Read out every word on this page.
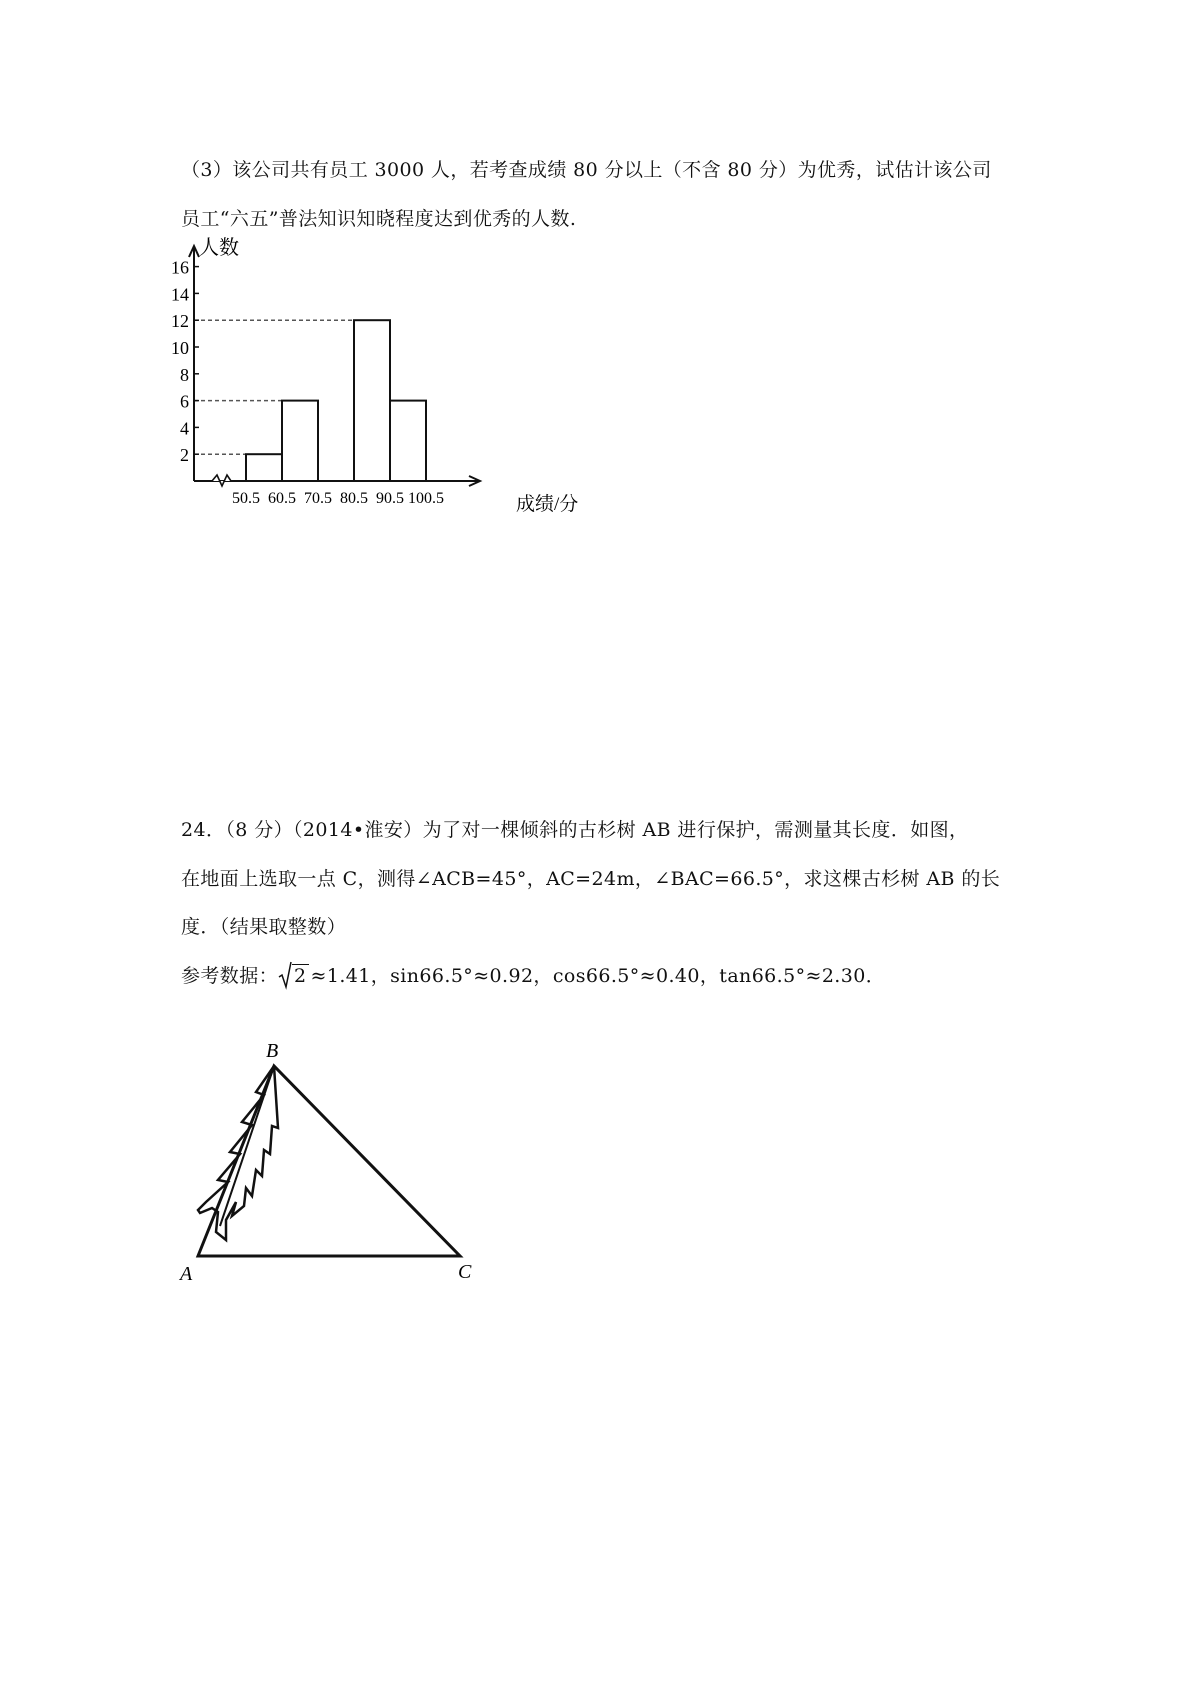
（3）该公司共有员工 3000 人，若考查成绩 80 分以上（不含 80 分）为优秀，试估计该公司
员工“六五”普法知识知晓程度达到优秀的人数.
2
4
6
8
10
12
14
16
50.5 60.5 70.5 80.5 90.5 100.5
人数
成绩/分
24．（8 分）（2014•淮安）为了对一棵倾斜的古杉树 AB 进行保护，需测量其长度．如图，
在地面上选取一点 C，测得∠ACB=45°，AC=24m，∠BAC=66.5°，求这棵古杉树 AB 的长
度．（结果取整数）
参考数据： 2 ≈1.41，sin66.5°≈0.92，cos66.5°≈0.40，tan66.5°≈2.30．
B
A	C
